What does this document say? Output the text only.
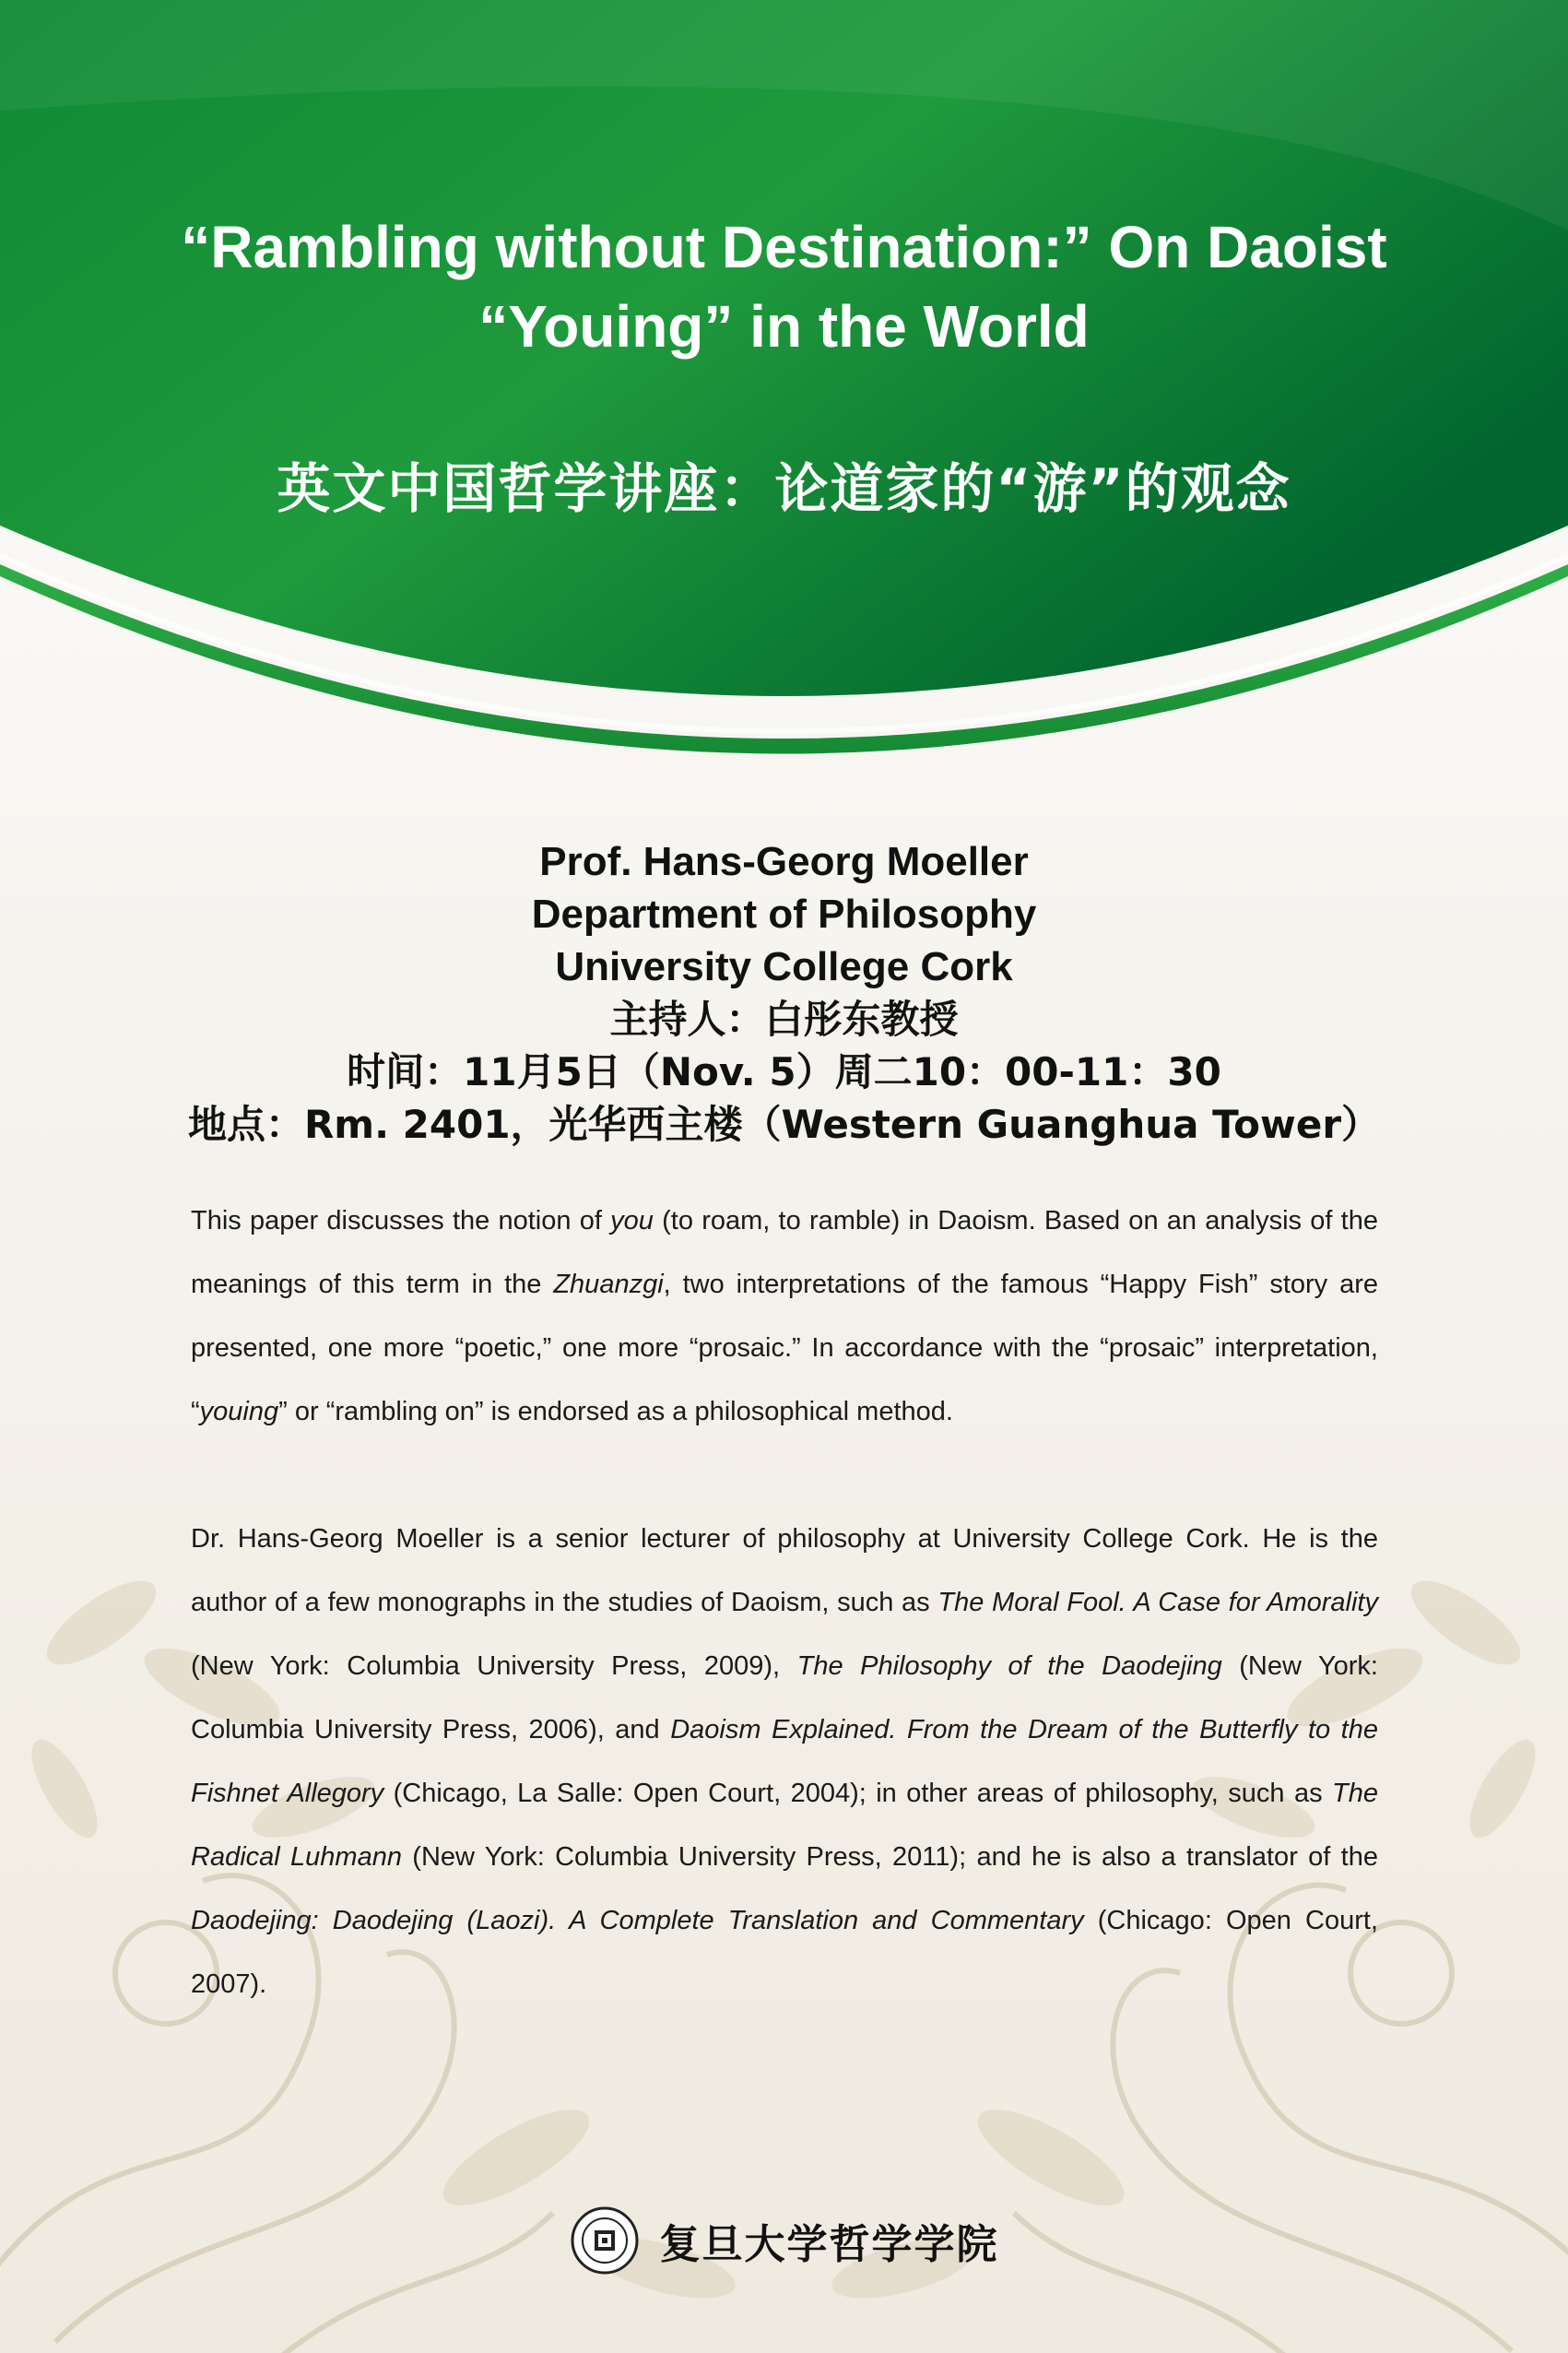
“Rambling without Destination:” On Daoist
“Youing” in the World
英文中国哲学讲座：论道家的“游”的观念
Prof. Hans-Georg Moeller
Department of Philosophy
University College Cork
主持人：白彤东教授
时间：11月5日（Nov. 5）周二10：00-11：30
地点：Rm. 2401，光华西主楼（Western Guanghua Tower）

This paper discusses the notion of you (to roam, to ramble) in Daoism. Based on an analysis of the meanings of this term in the Zhuanzgi, two interpretations of the famous “Happy Fish” story are presented, one more “poetic,” one more “prosaic.” In accordance with the “prosaic” interpretation, “youing” or “rambling on” is endorsed as a philosophical method.

Dr. Hans-Georg Moeller is a senior lecturer of philosophy at University College Cork. He is the author of a few monographs in the studies of Daoism, such as The Moral Fool. A Case for Amorality (New York: Columbia University Press, 2009), The Philosophy of the Daodejing (New York: Columbia University Press, 2006), and Daoism Explained. From the Dream of the Butterfly to the Fishnet Allegory (Chicago, La Salle: Open Court, 2004); in other areas of philosophy, such as The Radical Luhmann (New York: Columbia University Press, 2011); and he is also a translator of the Daodejing: Daodejing (Laozi). A Complete Translation and Commentary (Chicago: Open Court, 2007).

复旦大学哲学学院
